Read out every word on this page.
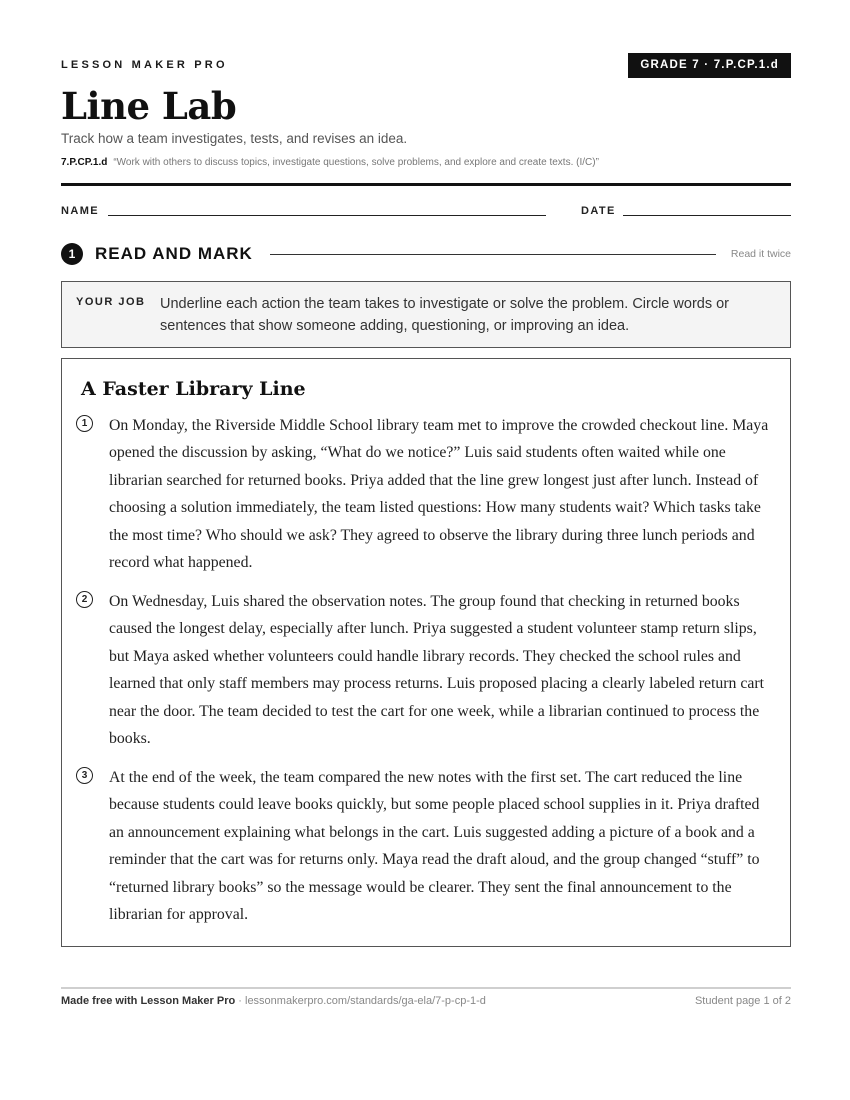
LESSON MAKER PRO	GRADE 7 · 7.P.CP.1.d
Line Lab
Track how a team investigates, tests, and revises an idea.
7.P.CP.1.d “Work with others to discuss topics, investigate questions, solve problems, and explore and create texts. (I/C)”
NAME	DATE
1	READ AND MARK	Read it twice
YOUR JOB Underline each action the team takes to investigate or solve the problem. Circle words or sentences that show someone adding, questioning, or improving an idea.
A Faster Library Line
1	On Monday, the Riverside Middle School library team met to improve the crowded checkout line. Maya opened the discussion by asking, “What do we notice?” Luis said students often waited while one librarian searched for returned books. Priya added that the line grew longest just after lunch. Instead of choosing a solution immediately, the team listed questions: How many students wait? Which tasks take the most time? Who should we ask? They agreed to observe the library during three lunch periods and record what happened.

2	On Wednesday, Luis shared the observation notes. The group found that checking in returned books caused the longest delay, especially after lunch. Priya suggested a student volunteer stamp return slips, but Maya asked whether volunteers could handle library records. They checked the school rules and learned that only staff members may process returns. Luis proposed placing a clearly labeled return cart near the door. The team decided to test the cart for one week, while a librarian continued to process the books.

3	At the end of the week, the team compared the new notes with the first set. The cart reduced the line because students could leave books quickly, but some people placed school supplies in it. Priya drafted an announcement explaining what belongs in the cart. Luis suggested adding a picture of a book and a reminder that the cart was for returns only. Maya read the draft aloud, and the group changed “stuff” to “returned library books” so the message would be clearer. They sent the final announcement to the librarian for approval.

Made free with Lesson Maker Pro · lessonmakerpro.com/standards/ga-ela/7-p-cp-1-d	Student page 1 of 2
